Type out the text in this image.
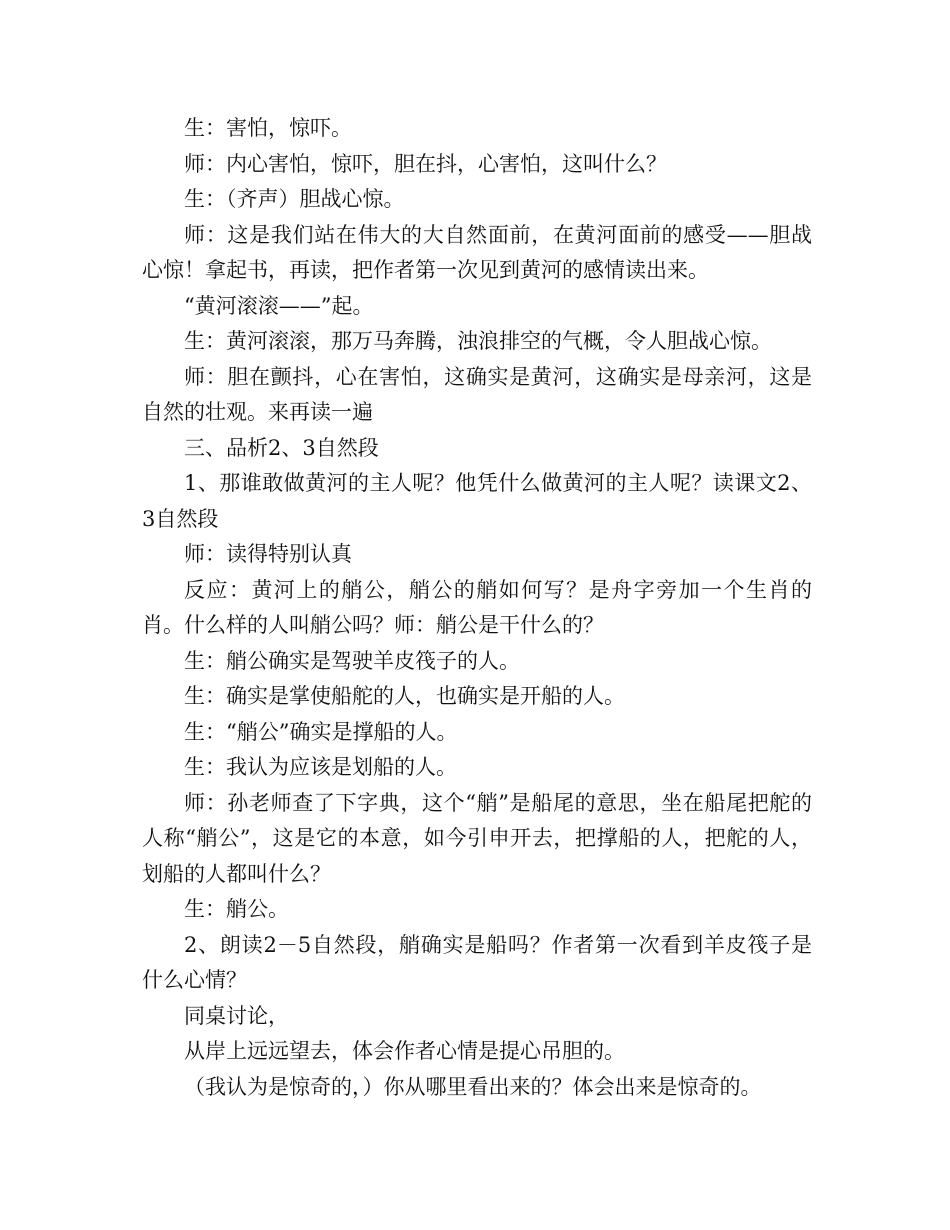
生：害怕，惊吓。

师：内心害怕，惊吓，胆在抖，心害怕，这叫什么？

生：（齐声）胆战心惊。

师：这是我们站在伟大的大自然面前，在黄河面前的感受——胆战心惊！拿起书，再读，把作者第一次见到黄河的感情读出来。

“黄河滚滚——”起。

生：黄河滚滚，那万马奔腾，浊浪排空的气概，令人胆战心惊。

师：胆在颤抖，心在害怕，这确实是黄河，这确实是母亲河，这是自然的壮观。来再读一遍

三、品析2、3自然段

1、那谁敢做黄河的主人呢？他凭什么做黄河的主人呢？读课文2、3自然段

师：读得特别认真

反应：黄河上的艄公，艄公的艄如何写？是舟字旁加一个生肖的肖。什么样的人叫艄公吗？师：艄公是干什么的？

生：艄公确实是驾驶羊皮筏子的人。

生：确实是掌使船舵的人，也确实是开船的人。

生：“艄公”确实是撑船的人。

生：我认为应该是划船的人。

师：孙老师查了下字典，这个“艄”是船尾的意思，坐在船尾把舵的人称“艄公”，这是它的本意，如今引申开去，把撑船的人，把舵的人，划船的人都叫什么？

生：艄公。

2、朗读2－5自然段，艄确实是船吗？作者第一次看到羊皮筏子是什么心情？

同桌讨论，

从岸上远远望去，体会作者心情是提心吊胆的。

（我认为是惊奇的，）你从哪里看出来的？体会出来是惊奇的。
